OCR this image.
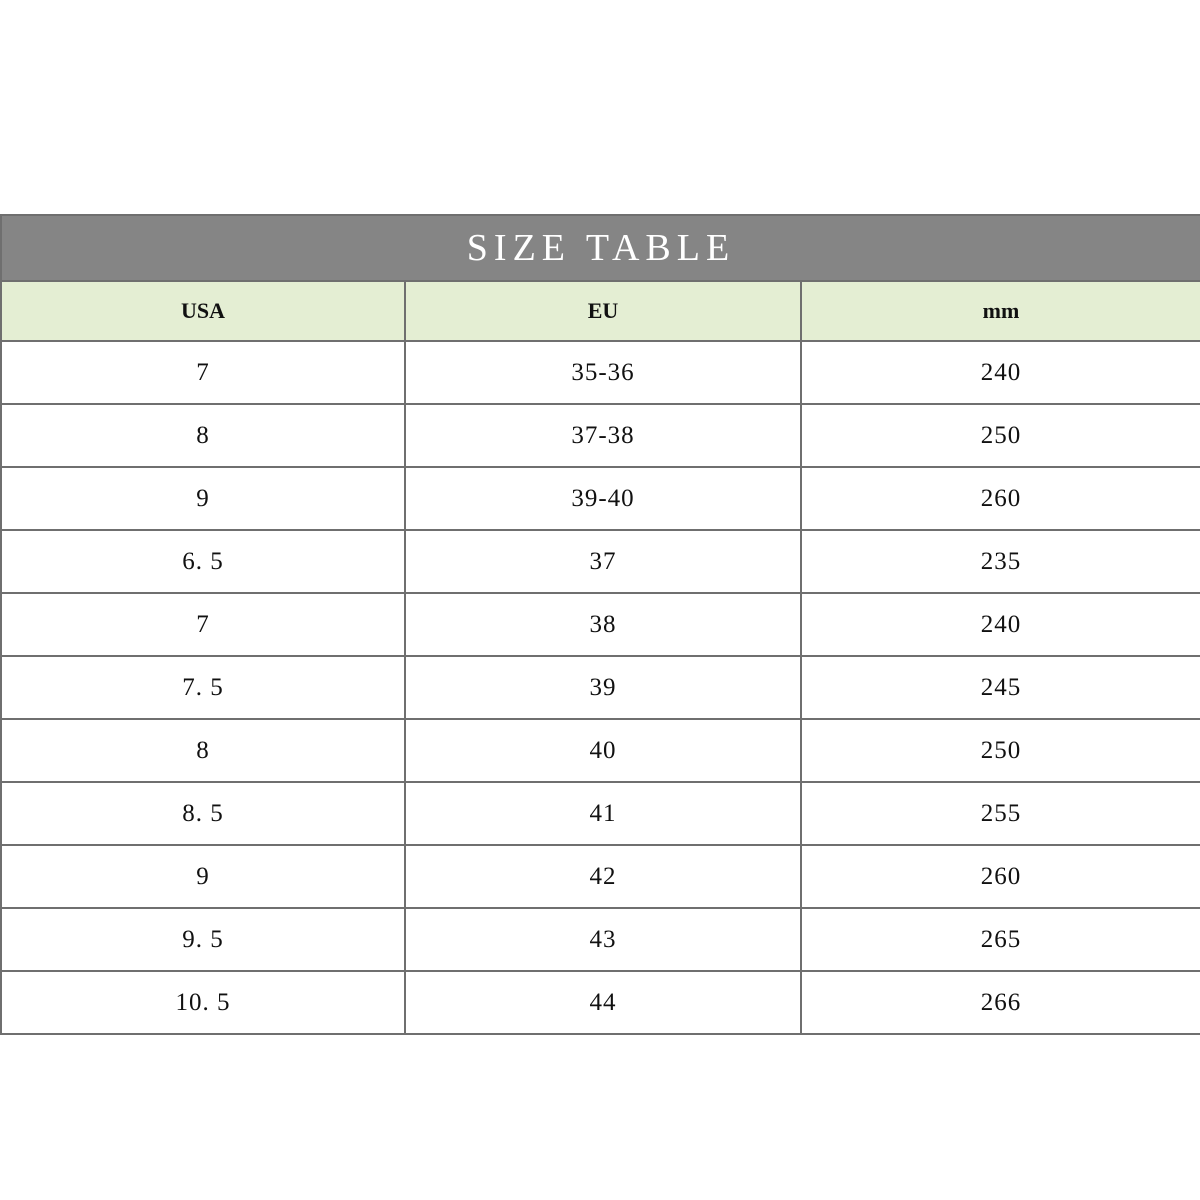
SIZE TABLE		
USA	EU	mm
7	35-36	240
8	37-38	250
9	39-40	260
6. 5	37	235
7	38	240
7. 5	39	245
8	40	250
8. 5	41	255
9	42	260
9. 5	43	265
10. 5	44	266
